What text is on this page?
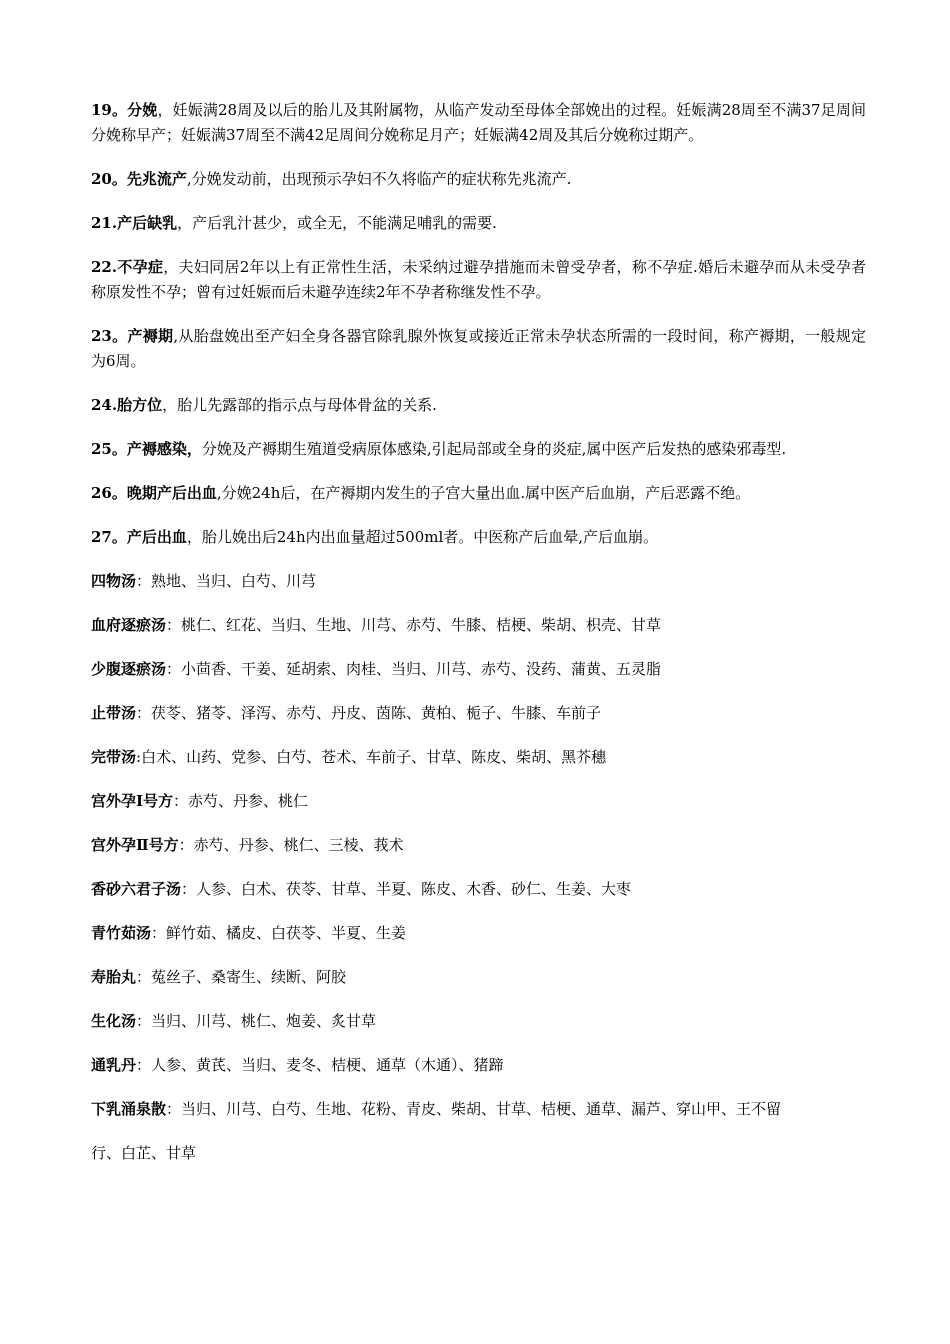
19。分娩，妊娠满28周及以后的胎儿及其附属物，从临产发动至母体全部娩出的过程。妊娠满28周至不满37足周间分娩称早产；妊娠满37周至不满42足周间分娩称足月产；妊娠满42周及其后分娩称过期产。

20。先兆流产,分娩发动前，出现预示孕妇不久将临产的症状称先兆流产.

21.产后缺乳，产后乳汁甚少，或全无，不能满足哺乳的需要.

22.不孕症，夫妇同居2年以上有正常性生活，未采纳过避孕措施而未曾受孕者，称不孕症.婚后未避孕而从未受孕者称原发性不孕；曾有过妊娠而后未避孕连续2年不孕者称继发性不孕。

23。产褥期,从胎盘娩出至产妇全身各器官除乳腺外恢复或接近正常未孕状态所需的一段时间，称产褥期，一般规定为6周。

24.胎方位，胎儿先露部的指示点与母体骨盆的关系.

25。产褥感染，分娩及产褥期生殖道受病原体感染,引起局部或全身的炎症,属中医产后发热的感染邪毒型.

26。晚期产后出血,分娩24h后，在产褥期内发生的子宫大量出血.属中医产后血崩，产后恶露不绝。

27。产后出血，胎儿娩出后24h内出血量超过500ml者。中医称产后血晕,产后血崩。

四物汤：熟地、当归、白芍、川芎

血府逐瘀汤：桃仁、红花、当归、生地、川芎、赤芍、牛膝、桔梗、柴胡、枳壳、甘草

少腹逐瘀汤：小茴香、干姜、延胡索、肉桂、当归、川芎、赤芍、没药、蒲黄、五灵脂

止带汤：茯苓、猪苓、泽泻、赤芍、丹皮、茵陈、黄柏、栀子、牛膝、车前子

完带汤:白术、山药、党参、白芍、苍术、车前子、甘草、陈皮、柴胡、黑芥穗

宫外孕Ⅰ号方：赤芍、丹参、桃仁

宫外孕Ⅱ号方：赤芍、丹参、桃仁、三棱、莪术

香砂六君子汤：人参、白术、茯苓、甘草、半夏、陈皮、木香、砂仁、生姜、大枣

青竹茹汤：鲜竹茹、橘皮、白茯苓、半夏、生姜

寿胎丸：菟丝子、桑寄生、续断、阿胶

生化汤：当归、川芎、桃仁、炮姜、炙甘草

通乳丹：人参、黄芪、当归、麦冬、桔梗、通草（木通）、猪蹄

下乳涌泉散：当归、川芎、白芍、生地、花粉、青皮、柴胡、甘草、桔梗、通草、漏芦、穿山甲、王不留

行、白芷、甘草
